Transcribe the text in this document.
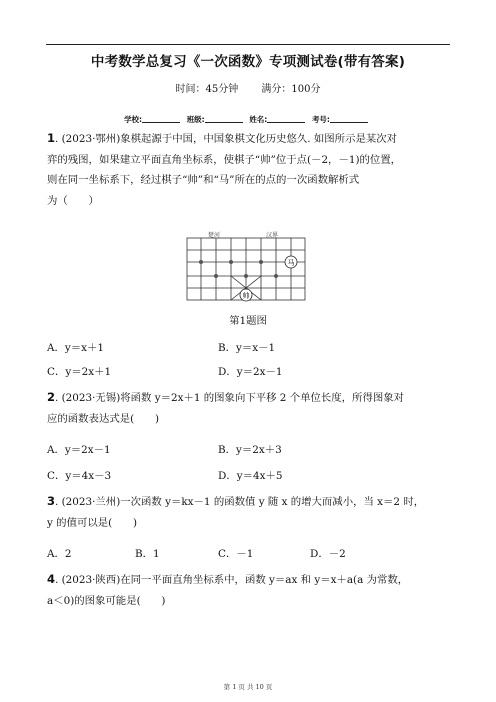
中考数学总复习《一次函数》专项测试卷(带有答案)
时间：45分钟 满分：100分
学校:	班级:	姓名:	考号:
1. (2023·鄂州)象棋起源于中国，中国象棋文化历史悠久. 如图所示是某次对
弈的残图，如果建立平面直角坐标系，使棋子“帅”位于点(－2，－1)的位置，
则在同一坐标系下，经过棋子“帅”和“马”所在的点的一次函数解析式
为（　　）
楚河	汉界
马
帅
第1题图
A．y＝x＋1	B．y＝x－1
C．y＝2x＋1	D．y＝2x－1
2. (2023·无锡)将函数 y＝2x＋1 的图象向下平移 2 个单位长度，所得图象对
应的函数表达式是(　　)
A．y＝2x－1	B．y＝2x＋3
C．y＝4x－3	D．y＝4x＋5
3. (2023·兰州)一次函数 y＝kx－1 的函数值 y 随 x 的增大而减小，当 x＝2 时，
y 的值可以是(　　)
A．2	B．1	C．－1	D．－2
4. (2023·陕西)在同一平面直角坐标系中，函数 y＝ax 和 y＝x＋a(a 为常数，
a＜0)的图象可能是(　　)
第 1 页 共 10 页
